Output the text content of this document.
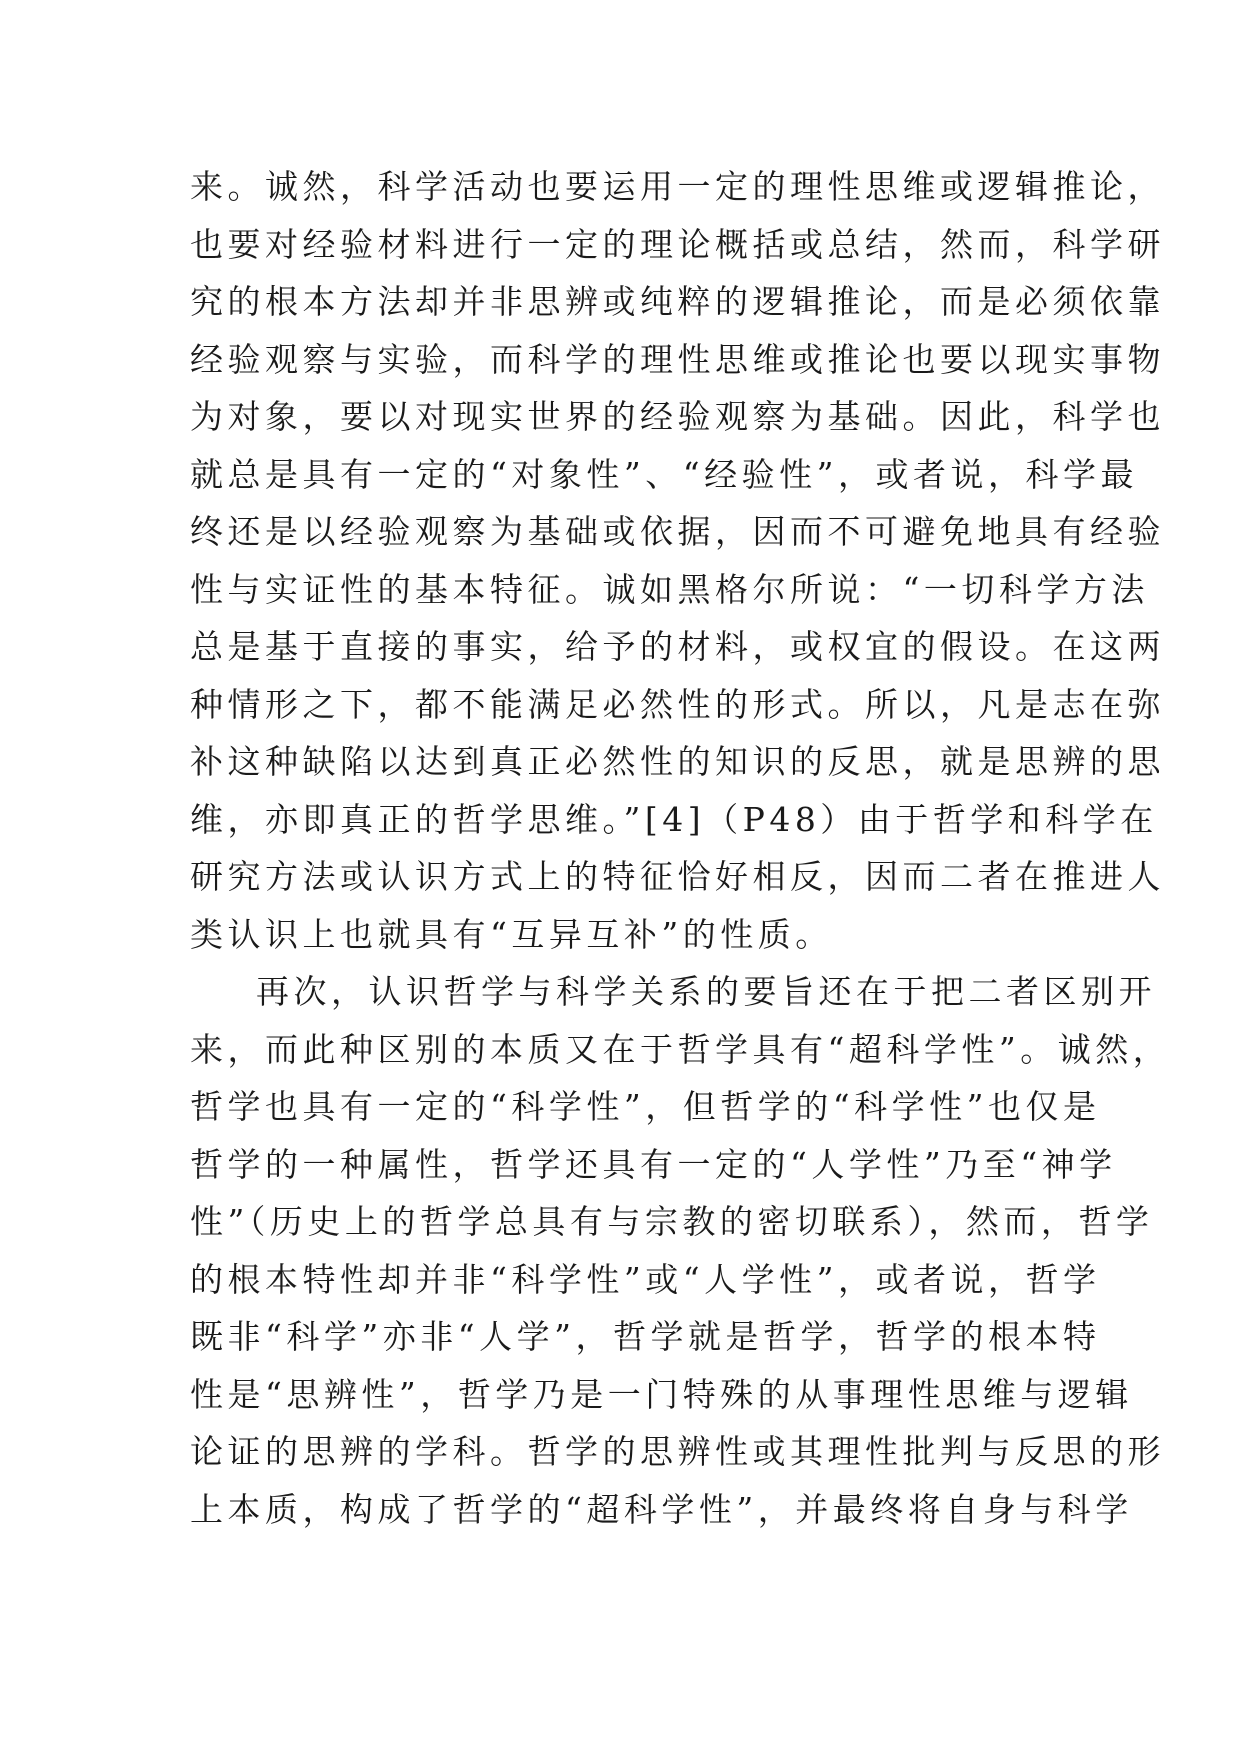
来。诚然，科学活动也要运用一定的理性思维或逻辑推论，
也要对经验材料进行一定的理论概括或总结，然而，科学研
究的根本方法却并非思辨或纯粹的逻辑推论，而是必须依靠
经验观察与实验，而科学的理性思维或推论也要以现实事物
为对象，要以对现实世界的经验观察为基础。因此，科学也
就总是具有一定的“对象性”、“经验性”，或者说，科学最
终还是以经验观察为基础或依据，因而不可避免地具有经验
性与实证性的基本特征。诚如黑格尔所说：“一切科学方法
总是基于直接的事实，给予的材料，或权宜的假设。在这两
种情形之下，都不能满足必然性的形式。所以，凡是志在弥
补这种缺陷以达到真正必然性的知识的反思，就是思辨的思
维，亦即真正的哲学思维。”[4]（P48）由于哲学和科学在
研究方法或认识方式上的特征恰好相反，因而二者在推进人
类认识上也就具有“互异互补”的性质。
再次，认识哲学与科学关系的要旨还在于把二者区别开
来，而此种区别的本质又在于哲学具有“超科学性”。诚然，
哲学也具有一定的“科学性”，但哲学的“科学性”也仅是
哲学的一种属性，哲学还具有一定的“人学性”乃至“神学
性”（历史上的哲学总具有与宗教的密切联系），然而，哲学
的根本特性却并非“科学性”或“人学性”，或者说，哲学
既非“科学”亦非“人学”，哲学就是哲学，哲学的根本特
性是“思辨性”，哲学乃是一门特殊的从事理性思维与逻辑
论证的思辨的学科。哲学的思辨性或其理性批判与反思的形
上本质，构成了哲学的“超科学性”，并最终将自身与科学
